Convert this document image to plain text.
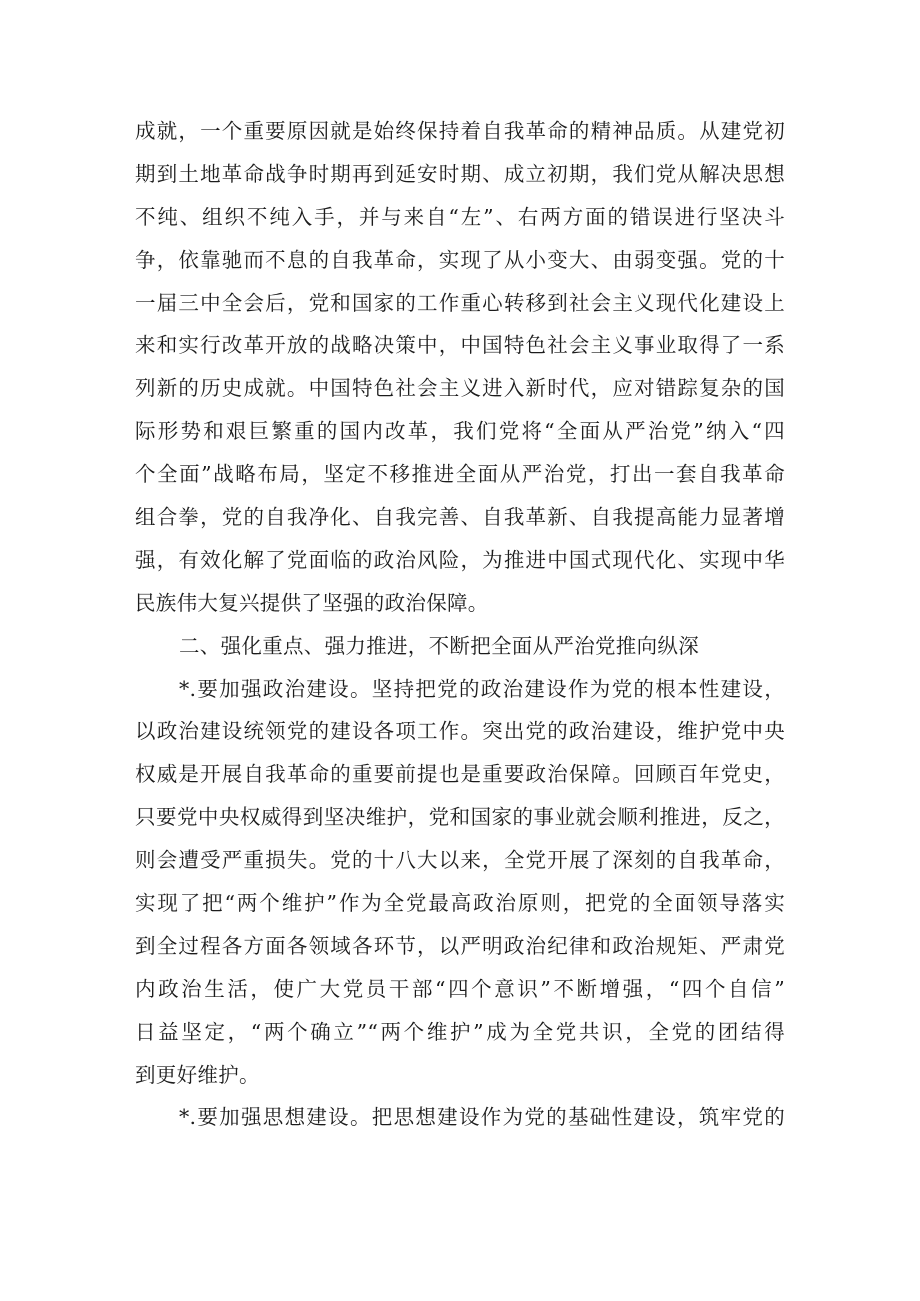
成就，一个重要原因就是始终保持着自我革命的精神品质。从建党初
期到土地革命战争时期再到延安时期、成立初期，我们党从解决思想
不纯、组织不纯入手，并与来自“左”、右两方面的错误进行坚决斗
争，依靠驰而不息的自我革命，实现了从小变大、由弱变强。党的十
一届三中全会后，党和国家的工作重心转移到社会主义现代化建设上
来和实行改革开放的战略决策中，中国特色社会主义事业取得了一系
列新的历史成就。中国特色社会主义进入新时代，应对错踪复杂的国
际形势和艰巨繁重的国内改革，我们党将“全面从严治党”纳入“四
个全面”战略布局，坚定不移推进全面从严治党，打出一套自我革命
组合拳，党的自我净化、自我完善、自我革新、自我提高能力显著增
强，有效化解了党面临的政治风险，为推进中国式现代化、实现中华
民族伟大复兴提供了坚强的政治保障。
二、强化重点、强力推进，不断把全面从严治党推向纵深
*.要加强政治建设。坚持把党的政治建设作为党的根本性建设，
以政治建设统领党的建设各项工作。突出党的政治建设，维护党中央
权威是开展自我革命的重要前提也是重要政治保障。回顾百年党史，
只要党中央权威得到坚决维护，党和国家的事业就会顺利推进，反之，
则会遭受严重损失。党的十八大以来，全党开展了深刻的自我革命，
实现了把“两个维护”作为全党最高政治原则，把党的全面领导落实
到全过程各方面各领域各环节，以严明政治纪律和政治规矩、严肃党
内政治生活，使广大党员干部“四个意识”不断增强，“四个自信”
日益坚定，“两个确立”“两个维护”成为全党共识，全党的团结得
到更好维护。
*.要加强思想建设。把思想建设作为党的基础性建设，筑牢党的
